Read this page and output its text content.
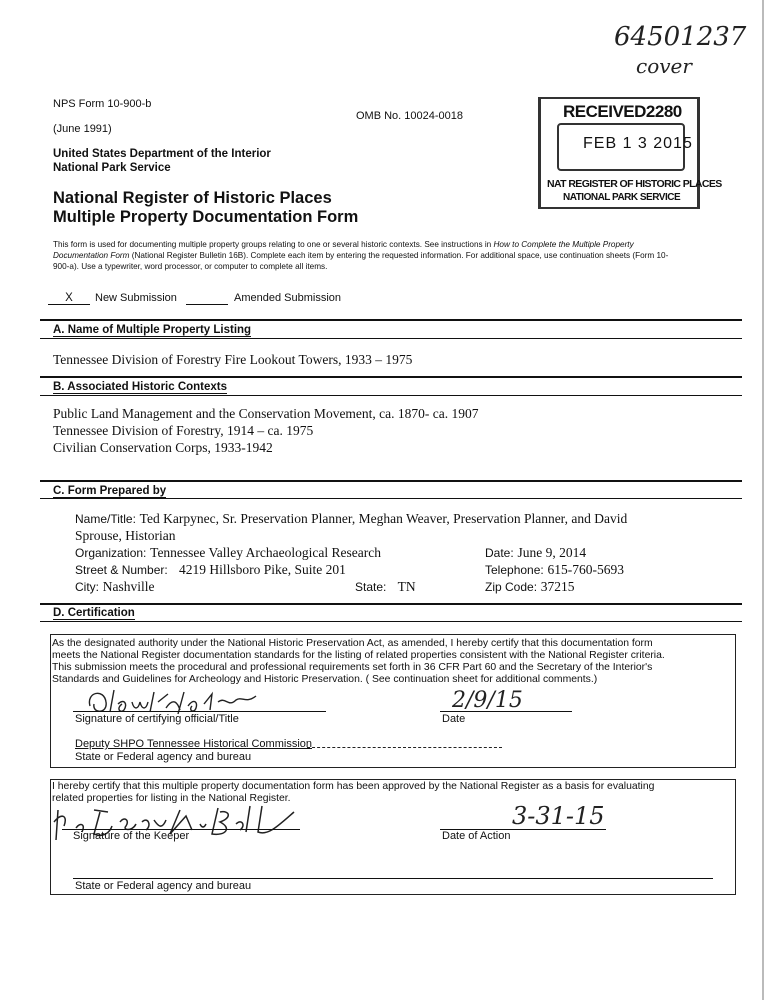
64501237
cover
NPS Form 10-900-b
OMB No. 10024-0018
(June 1991)
United States Department of the Interior
National Park Service
National Register of Historic Places
Multiple Property Documentation Form
RECEIVED2280
FEB 1 3 2015
NAT REGISTER OF HISTORIC PLACES
NATIONAL PARK SERVICE
This form is used for documenting multiple property groups relating to one or several historic contexts. See instructions in How to Complete the Multiple Property
Documentation Form (National Register Bulletin 16B). Complete each item by entering the requested information. For additional space, use continuation sheets (Form 10-
900-a). Use a typewriter, word processor, or computer to complete all items.
X	New Submission	Amended Submission
A. Name of Multiple Property Listing
Tennessee Division of Forestry Fire Lookout Towers, 1933 – 1975
B. Associated Historic Contexts
Public Land Management and the Conservation Movement, ca. 1870- ca. 1907
Tennessee Division of Forestry, 1914 – ca. 1975
Civilian Conservation Corps, 1933-1942
C. Form Prepared by
Name/Title: Ted Karpynec, Sr. Preservation Planner, Meghan Weaver, Preservation Planner, and David
Sprouse, Historian
Organization: Tennessee Valley Archaeological Research	Date: June 9, 2014
Street & Number: 4219 Hillsboro Pike, Suite 201	Telephone: 615-760-5693
City: Nashville	State: TN	Zip Code: 37215
D. Certification
As the designated authority under the National Historic Preservation Act, as amended, I hereby certify that this documentation form
meets the National Register documentation standards for the listing of related properties consistent with the National Register criteria.
This submission meets the procedural and professional requirements set forth in 36 CFR Part 60 and the Secretary of the Interior's
Standards and Guidelines for Archeology and Historic Preservation. ( See continuation sheet for additional comments.)
Signature of certifying official/Title
2/9/15
Date
Deputy SHPO Tennessee Historical Commission
State or Federal agency and bureau
I hereby certify that this multiple property documentation form has been approved by the National Register as a basis for evaluating
related properties for listing in the National Register.
Signature of the Keeper
3-31-15
Date of Action
State or Federal agency and bureau
